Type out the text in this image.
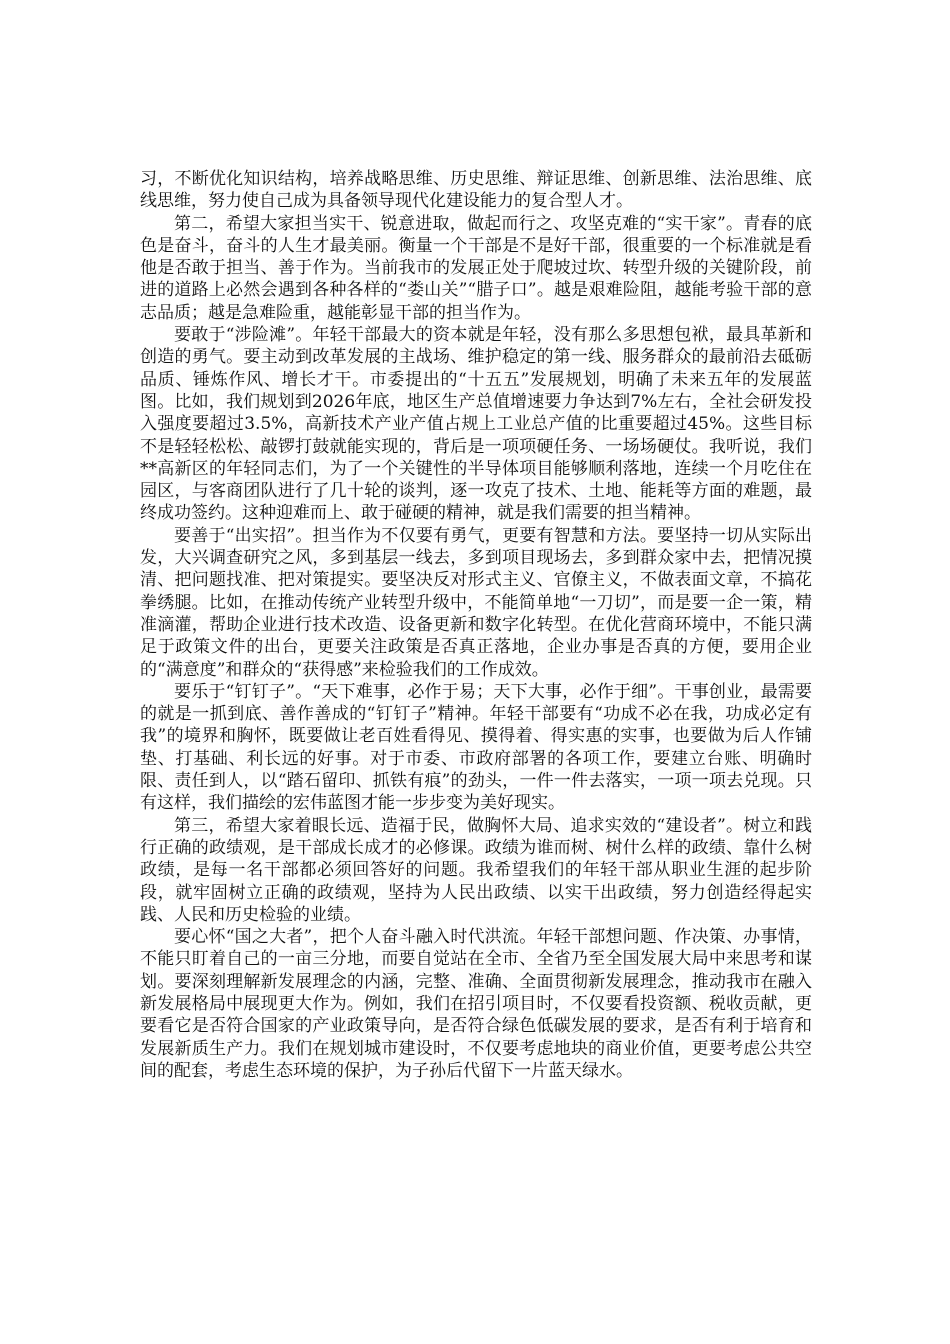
习，不断优化知识结构，培养战略思维、历史思维、辩证思维、创新思维、法治思维、底线思维，努力使自己成为具备领导现代化建设能力的复合型人才。

第二，希望大家担当实干、锐意进取，做起而行之、攻坚克难的“实干家”。青春的底色是奋斗，奋斗的人生才最美丽。衡量一个干部是不是好干部，很重要的一个标准就是看他是否敢于担当、善于作为。当前我市的发展正处于爬坡过坎、转型升级的关键阶段，前进的道路上必然会遇到各种各样的“娄山关”“腊子口”。越是艰难险阻，越能考验干部的意志品质；越是急难险重，越能彰显干部的担当作为。

要敢于“涉险滩”。年轻干部最大的资本就是年轻，没有那么多思想包袱，最具革新和创造的勇气。要主动到改革发展的主战场、维护稳定的第一线、服务群众的最前沿去砥砺品质、锤炼作风、增长才干。市委提出的“十五五”发展规划，明确了未来五年的发展蓝图。比如，我们规划到2026年底，地区生产总值增速要力争达到7%左右，全社会研发投入强度要超过3.5%，高新技术产业产值占规上工业总产值的比重要超过45%。这些目标不是轻轻松松、敲锣打鼓就能实现的，背后是一项项硬任务、一场场硬仗。我听说，我们**高新区的年轻同志们，为了一个关键性的半导体项目能够顺利落地，连续一个月吃住在园区，与客商团队进行了几十轮的谈判，逐一攻克了技术、土地、能耗等方面的难题，最终成功签约。这种迎难而上、敢于碰硬的精神，就是我们需要的担当精神。

要善于“出实招”。担当作为不仅要有勇气，更要有智慧和方法。要坚持一切从实际出发，大兴调查研究之风，多到基层一线去，多到项目现场去，多到群众家中去，把情况摸清、把问题找准、把对策提实。要坚决反对形式主义、官僚主义，不做表面文章，不搞花拳绣腿。比如，在推动传统产业转型升级中，不能简单地“一刀切”，而是要一企一策，精准滴灌，帮助企业进行技术改造、设备更新和数字化转型。在优化营商环境中，不能只满足于政策文件的出台，更要关注政策是否真正落地，企业办事是否真的方便，要用企业的“满意度”和群众的“获得感”来检验我们的工作成效。

要乐于“钉钉子”。“天下难事，必作于易；天下大事，必作于细”。干事创业，最需要的就是一抓到底、善作善成的“钉钉子”精神。年轻干部要有“功成不必在我，功成必定有我”的境界和胸怀，既要做让老百姓看得见、摸得着、得实惠的实事，也要做为后人作铺垫、打基础、利长远的好事。对于市委、市政府部署的各项工作，要建立台账、明确时限、责任到人，以“踏石留印、抓铁有痕”的劲头，一件一件去落实，一项一项去兑现。只有这样，我们描绘的宏伟蓝图才能一步步变为美好现实。

第三，希望大家着眼长远、造福于民，做胸怀大局、追求实效的“建设者”。树立和践行正确的政绩观，是干部成长成才的必修课。政绩为谁而树、树什么样的政绩、靠什么树政绩，是每一名干部都必须回答好的问题。我希望我们的年轻干部从职业生涯的起步阶段，就牢固树立正确的政绩观，坚持为人民出政绩、以实干出政绩，努力创造经得起实践、人民和历史检验的业绩。

要心怀“国之大者”，把个人奋斗融入时代洪流。年轻干部想问题、作决策、办事情，不能只盯着自己的一亩三分地，而要自觉站在全市、全省乃至全国发展大局中来思考和谋划。要深刻理解新发展理念的内涵，完整、准确、全面贯彻新发展理念，推动我市在融入新发展格局中展现更大作为。例如，我们在招引项目时，不仅要看投资额、税收贡献，更要看它是否符合国家的产业政策导向，是否符合绿色低碳发展的要求，是否有利于培育和发展新质生产力。我们在规划城市建设时，不仅要考虑地块的商业价值，更要考虑公共空间的配套，考虑生态环境的保护，为子孙后代留下一片蓝天绿水。
